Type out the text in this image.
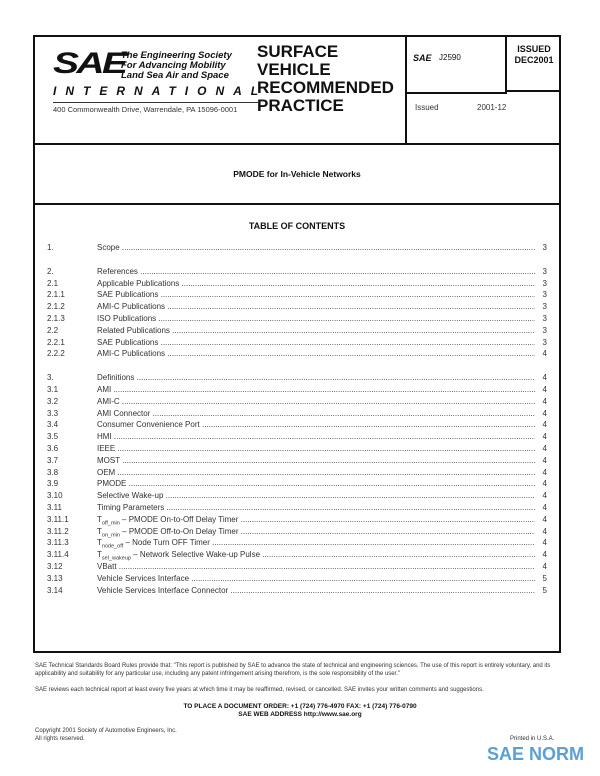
SAE
The Engineering Society
For Advancing Mobility
Land Sea Air and Space
INTERNATIONAL
400 Commonwealth Drive, Warrendale, PA 15096-0001
SURFACE VEHICLE RECOMMENDED PRACTICE
SAE J2590
ISSUED
DEC2001
Issued	2001-12
PMODE for In-Vehicle Networks
TABLE OF CONTENTS
1.	Scope .....	3
2.	References .....	3
2.1	Applicable Publications .....	3
2.1.1	SAE Publications .....	3
2.1.2	AMI-C Publications .....	3
2.1.3	ISO Publications .....	3
2.2	Related Publications .....	3
2.2.1	SAE Publications .....	3
2.2.2	AMI-C Publications .....	4
3.	Definitions .....	4
3.1	AMI .....	4
3.2	AMI-C .....	4
3.3	AMI Connector .....	4
3.4	Consumer Convenience Port .....	4
3.5	HMI .....	4
3.6	IEEE .....	4
3.7	MOST .....	4
3.8	OEM .....	4
3.9	PMODE .....	4
3.10	Selective Wake-up .....	4
3.11	Timing Parameters .....	4
3.11.1	$T_{off\_min}$ – PMODE On-to-Off Delay Timer .....	4
3.11.2	$T_{on\_min}$ – PMODE Off-to-On Delay Timer .....	4
3.11.3	$T_{node\_off}$ – Node Turn OFF Timer .....	4
3.11.4	$T_{sel\_wakeup}$ – Network Selective Wake-up Pulse .....	4
3.12	VBatt .....	4
3.13	Vehicle Services Interface .....	5
3.14	Vehicle Services Interface Connector .....	5
SAE Technical Standards Board Rules provide that: "This report is published by SAE to advance the state of technical and engineering sciences. The use of this report is entirely voluntary, and its applicability and suitability for any particular use, including any patent infringement arising therefrom, is the sole responsibility of the user."
SAE reviews each technical report at least every five years at which time it may be reaffirmed, revised, or cancelled. SAE invites your written comments and suggestions.
TO PLACE A DOCUMENT ORDER: +1 (724) 776-4970 FAX: +1 (724) 776-0790
SAE WEB ADDRESS http://www.sae.org
Copyright 2001 Society of Automotive Engineers, Inc.
All rights reserved.	Printed in U.S.A.
SAE NORM
